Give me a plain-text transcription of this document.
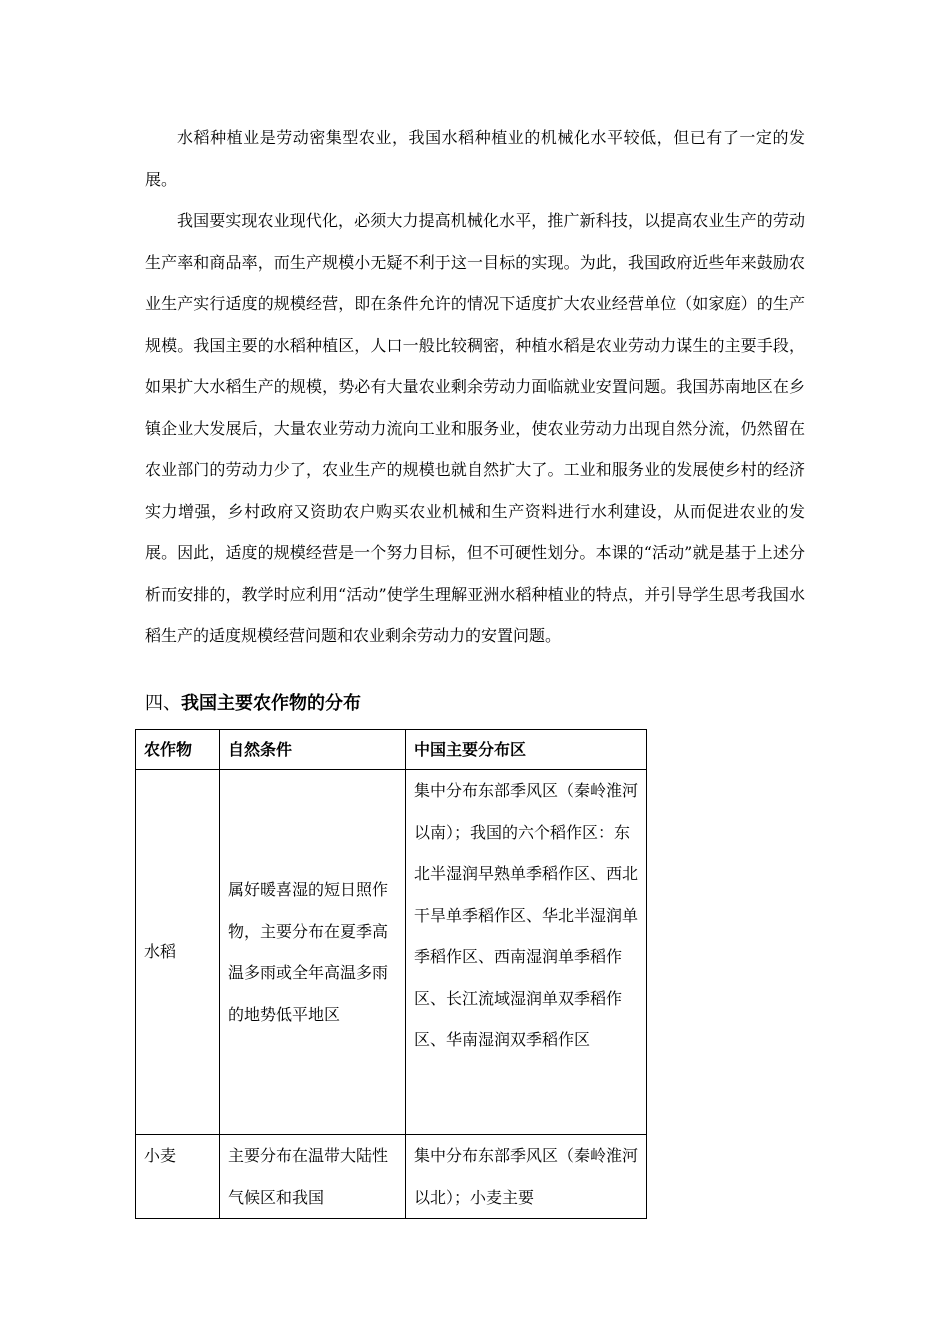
水稻种植业是劳动密集型农业，我国水稻种植业的机械化水平较低，但已有了一定的发展。

我国要实现农业现代化，必须大力提高机械化水平，推广新科技，以提高农业生产的劳动生产率和商品率，而生产规模小无疑不利于这一目标的实现。为此，我国政府近些年来鼓励农业生产实行适度的规模经营，即在条件允许的情况下适度扩大农业经营单位（如家庭）的生产规模。我国主要的水稻种植区，人口一般比较稠密，种植水稻是农业劳动力谋生的主要手段，如果扩大水稻生产的规模，势必有大量农业剩余劳动力面临就业安置问题。我国苏南地区在乡镇企业大发展后，大量农业劳动力流向工业和服务业，使农业劳动力出现自然分流，仍然留在农业部门的劳动力少了，农业生产的规模也就自然扩大了。工业和服务业的发展使乡村的经济实力增强，乡村政府又资助农户购买农业机械和生产资料进行水利建设，从而促进农业的发展。因此，适度的规模经营是一个努力目标，但不可硬性划分。本课的“活动”就是基于上述分析而安排的，教学时应利用“活动”使学生理解亚洲水稻种植业的特点，并引导学生思考我国水稻生产的适度规模经营问题和农业剩余劳动力的安置问题。

四、我国主要农作物的分布
农作物	自然条件	中国主要分布区
水稻	属好暖喜湿的短日照作物，主要分布在夏季高温多雨或全年高温多雨的地势低平地区	集中分布东部季风区（秦岭淮河以南）；我国的六个稻作区：东北半湿润早熟单季稻作区、西北干旱单季稻作区、华北半湿润单季稻作区、西南湿润单季稻作区、长江流域湿润单双季稻作区、华南湿润双季稻作区
小麦	主要分布在温带大陆性气候区和我国	集中分布东部季风区（秦岭淮河以北）；小麦主要
